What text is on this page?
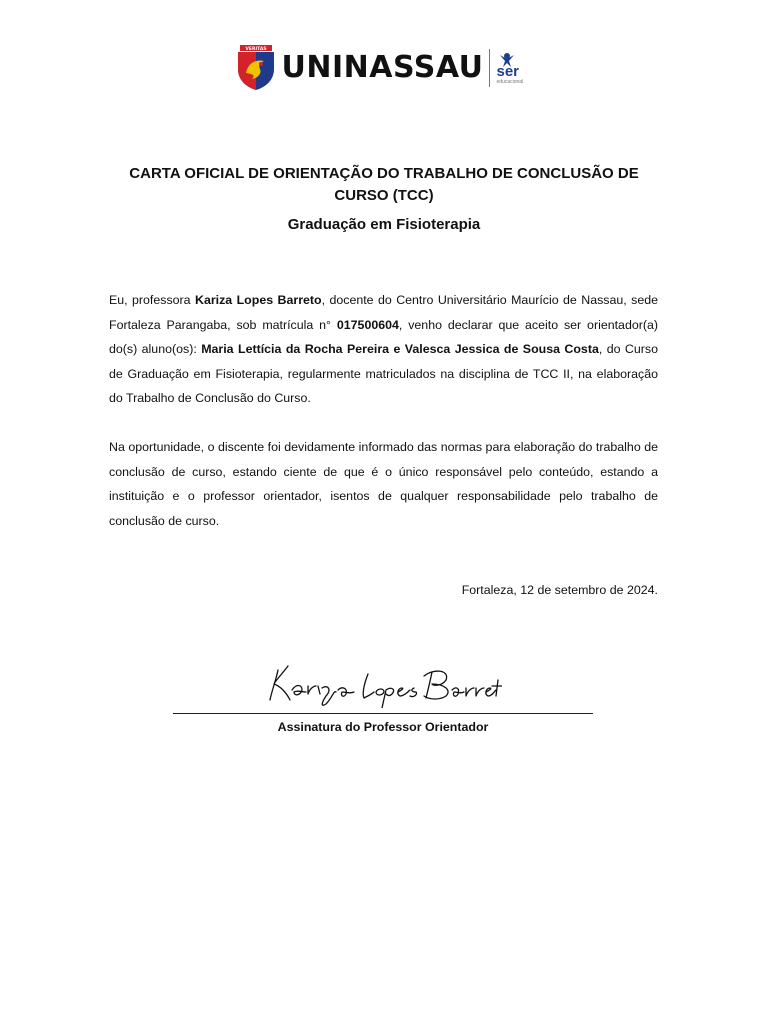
VERITAS
UNINASSAU ser
educacional
CARTA OFICIAL DE ORIENTAÇÃO DO TRABALHO DE CONCLUSÃO DE CURSO (TCC)
Graduação em Fisioterapia

Eu, professora Kariza Lopes Barreto, docente do Centro Universitário Maurício de Nassau, sede Fortaleza Parangaba, sob matrícula n° 017500604, venho declarar que aceito ser orientador(a) do(s) aluno(os): Maria Lettícia da Rocha Pereira e Valesca Jessica de Sousa Costa, do Curso de Graduação em Fisioterapia, regularmente matriculados na disciplina de TCC II, na elaboração do Trabalho de Conclusão do Curso.

Na oportunidade, o discente foi devidamente informado das normas para elaboração do trabalho de conclusão de curso, estando ciente de que é o único responsável pelo conteúdo, estando a instituição e o professor orientador, isentos de qualquer responsabilidade pelo trabalho de conclusão de curso.

Fortaleza, 12 de setembro de 2024.
Assinatura do Professor Orientador
